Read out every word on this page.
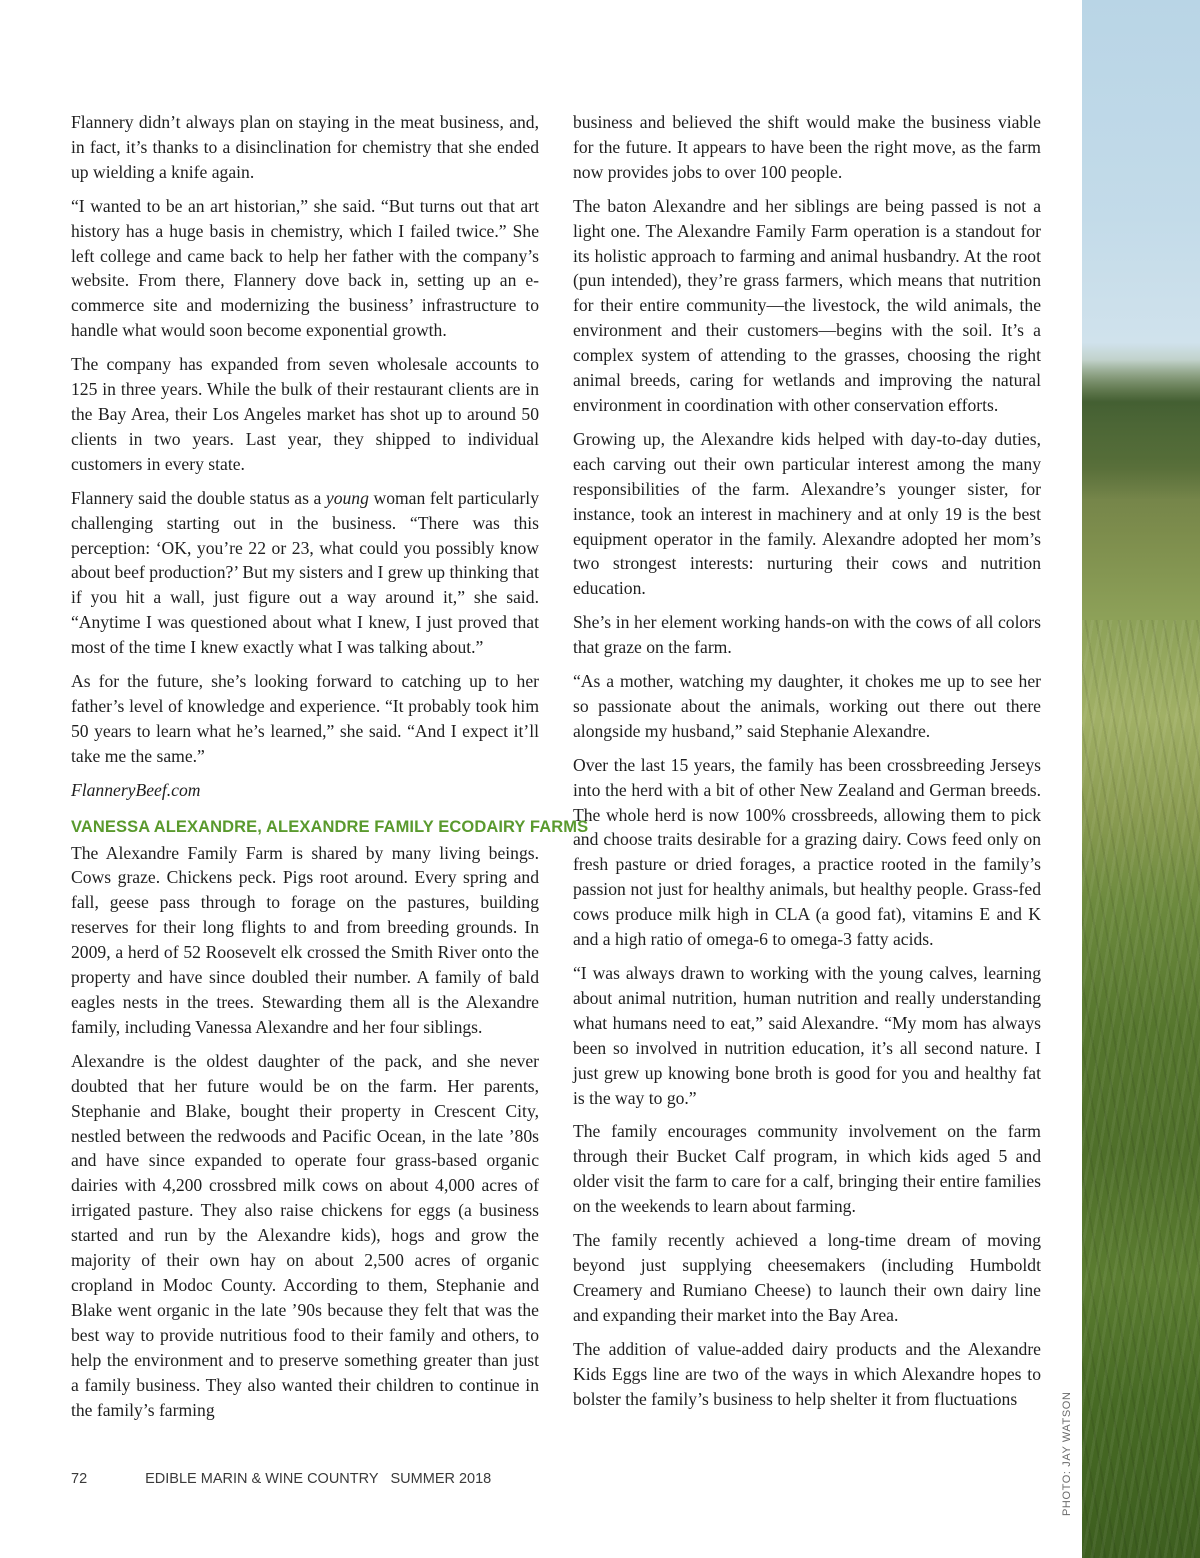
PHOTO: JAY WATSON

Flannery didn’t always plan on staying in the meat business, and, in fact, it’s thanks to a disinclination for chemistry that she ended up wielding a knife again.

“I wanted to be an art historian,” she said. “But turns out that art history has a huge basis in chemistry, which I failed twice.” She left college and came back to help her father with the company’s website. From there, Flannery dove back in, setting up an e-commerce site and modernizing the business’ infrastructure to handle what would soon become exponential growth.

The company has expanded from seven wholesale accounts to 125 in three years. While the bulk of their restaurant clients are in the Bay Area, their Los Angeles market has shot up to around 50 clients in two years. Last year, they shipped to individual customers in every state.

Flannery said the double status as a young woman felt particularly challenging starting out in the business. “There was this perception: ‘OK, you’re 22 or 23, what could you possibly know about beef production?’ But my sisters and I grew up thinking that if you hit a wall, just figure out a way around it,” she said. “Anytime I was questioned about what I knew, I just proved that most of the time I knew exactly what I was talking about.”

As for the future, she’s looking forward to catching up to her father’s level of knowledge and experience. “It probably took him 50 years to learn what he’s learned,” she said. “And I expect it’ll take me the same.”

FlanneryBeef.com

VANESSA ALEXANDRE, ALEXANDRE FAMILY ECODAIRY FARMS

The Alexandre Family Farm is shared by many living beings. Cows graze. Chickens peck. Pigs root around. Every spring and fall, geese pass through to forage on the pastures, building reserves for their long flights to and from breeding grounds. In 2009, a herd of 52 Roosevelt elk crossed the Smith River onto the property and have since doubled their number. A family of bald eagles nests in the trees. Stewarding them all is the Alexandre family, including Vanessa Alexandre and her four siblings.

Alexandre is the oldest daughter of the pack, and she never doubted that her future would be on the farm. Her parents, Stephanie and Blake, bought their property in Crescent City, nestled between the redwoods and Pacific Ocean, in the late ’80s and have since expanded to operate four grass-based organic dairies with 4,200 crossbred milk cows on about 4,000 acres of irrigated pasture. They also raise chickens for eggs (a business started and run by the Alexandre kids), hogs and grow the majority of their own hay on about 2,500 acres of organic cropland in Modoc County. According to them, Stephanie and Blake went organic in the late ’90s because they felt that was the best way to provide nutritious food to their family and others, to help the environment and to preserve something greater than just a family business. They also wanted their children to continue in the family’s farming

business and believed the shift would make the business viable for the future. It appears to have been the right move, as the farm now provides jobs to over 100 people.

The baton Alexandre and her siblings are being passed is not a light one. The Alexandre Family Farm operation is a standout for its holistic approach to farming and animal husbandry. At the root (pun intended), they’re grass farmers, which means that nutrition for their entire community—the livestock, the wild animals, the environment and their customers—begins with the soil. It’s a complex system of attending to the grasses, choosing the right animal breeds, caring for wetlands and improving the natural environment in coordination with other conservation efforts.

Growing up, the Alexandre kids helped with day-to-day duties, each carving out their own particular interest among the many responsibilities of the farm. Alexandre’s younger sister, for instance, took an interest in machinery and at only 19 is the best equipment operator in the family. Alexandre adopted her mom’s two strongest interests: nurturing their cows and nutrition education.

She’s in her element working hands-on with the cows of all colors that graze on the farm.

“As a mother, watching my daughter, it chokes me up to see her so passionate about the animals, working out there out there alongside my husband,” said Stephanie Alexandre.

Over the last 15 years, the family has been crossbreeding Jerseys into the herd with a bit of other New Zealand and German breeds. The whole herd is now 100% crossbreeds, allowing them to pick and choose traits desirable for a grazing dairy. Cows feed only on fresh pasture or dried forages, a practice rooted in the family’s passion not just for healthy animals, but healthy people. Grass-fed cows produce milk high in CLA (a good fat), vitamins E and K and a high ratio of omega-6 to omega-3 fatty acids.

“I was always drawn to working with the young calves, learning about animal nutrition, human nutrition and really understanding what humans need to eat,” said Alexandre. “My mom has always been so involved in nutrition education, it’s all second nature. I just grew up knowing bone broth is good for you and healthy fat is the way to go.”

The family encourages community involvement on the farm through their Bucket Calf program, in which kids aged 5 and older visit the farm to care for a calf, bringing their entire families on the weekends to learn about farming.

The family recently achieved a long-time dream of moving beyond just supplying cheesemakers (including Humboldt Creamery and Rumiano Cheese) to launch their own dairy line and expanding their market into the Bay Area.

The addition of value-added dairy products and the Alexandre Kids Eggs line are two of the ways in which Alexandre hopes to bolster the family’s business to help shelter it from fluctuations

72	EDIBLE MARIN & WINE COUNTRY SUMMER 2018
